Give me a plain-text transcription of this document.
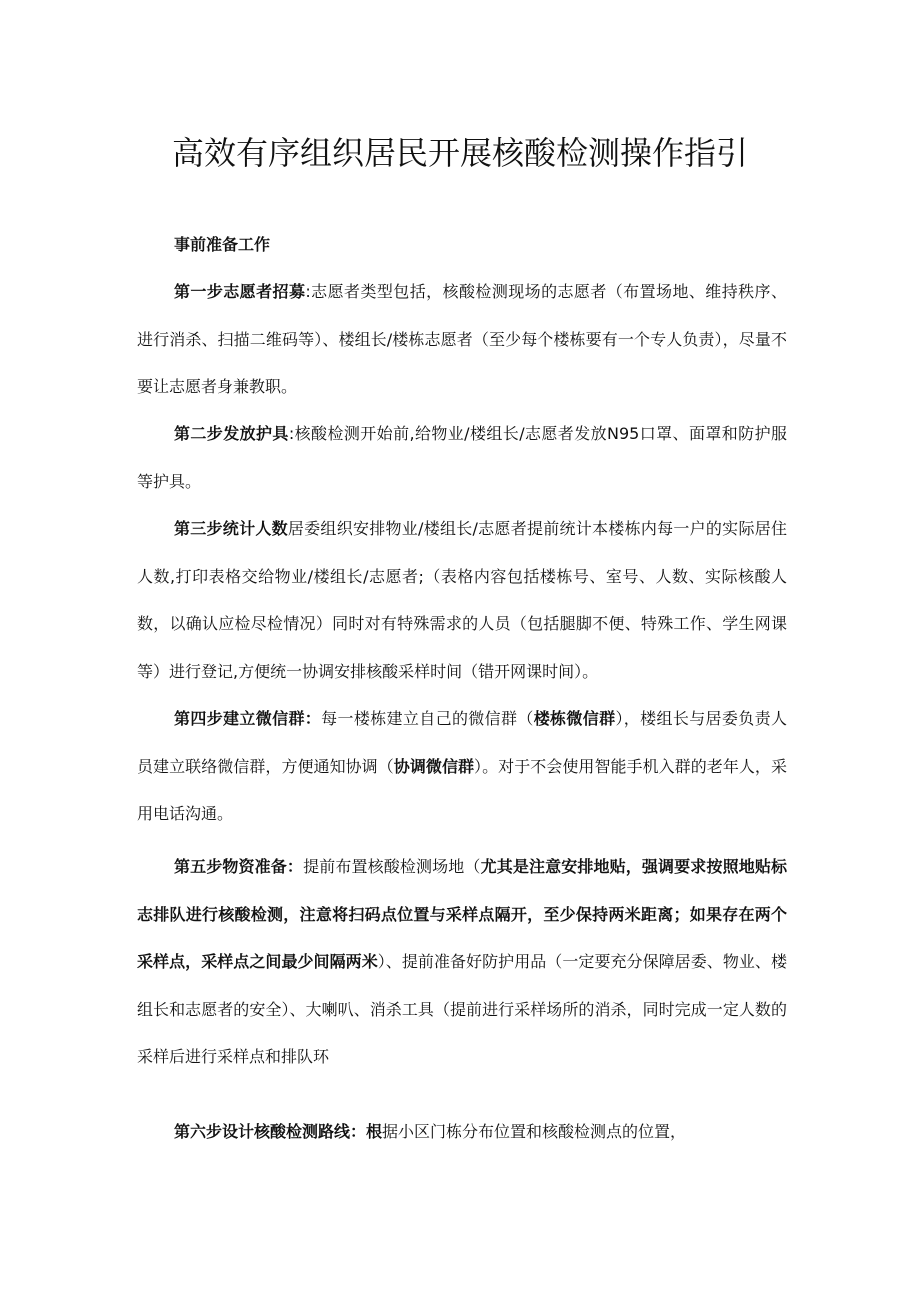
高效有序组织居民开展核酸检测操作指引
事前准备工作

第一步志愿者招募:志愿者类型包括，核酸检测现场的志愿者（布置场地、维持秩序、进行消杀、扫描二维码等）、楼组长/楼栋志愿者（至少每个楼栋要有一个专人负责），尽量不要让志愿者身兼教职。

第二步发放护具:核酸检测开始前,给物业/楼组长/志愿者发放N95口罩、面罩和防护服等护具。

第三步统计人数居委组织安排物业/楼组长/志愿者提前统计本楼栋内每一户的实际居住人数,打印表格交给物业/楼组长/志愿者;（表格内容包括楼栋号、室号、人数、实际核酸人数，以确认应检尽检情况）同时对有特殊需求的人员（包括腿脚不便、特殊工作、学生网课等）进行登记,方便统一协调安排核酸采样时间（错开网课时间）。

第四步建立微信群：每一楼栋建立自己的微信群（楼栋微信群），楼组长与居委负责人员建立联络微信群，方便通知协调（协调微信群）。对于不会使用智能手机入群的老年人，采用电话沟通。

第五步物资准备：提前布置核酸检测场地（尤其是注意安排地贴，强调要求按照地贴标志排队进行核酸检测，注意将扫码点位置与采样点隔开，至少保持两米距离；如果存在两个采样点，采样点之间最少间隔两米）、提前准备好防护用品（一定要充分保障居委、物业、楼组长和志愿者的安全）、大喇叭、消杀工具（提前进行采样场所的消杀，同时完成一定人数的采样后进行采样点和排队环

第六步设计核酸检测路线：根据小区门栋分布位置和核酸检测点的位置，
